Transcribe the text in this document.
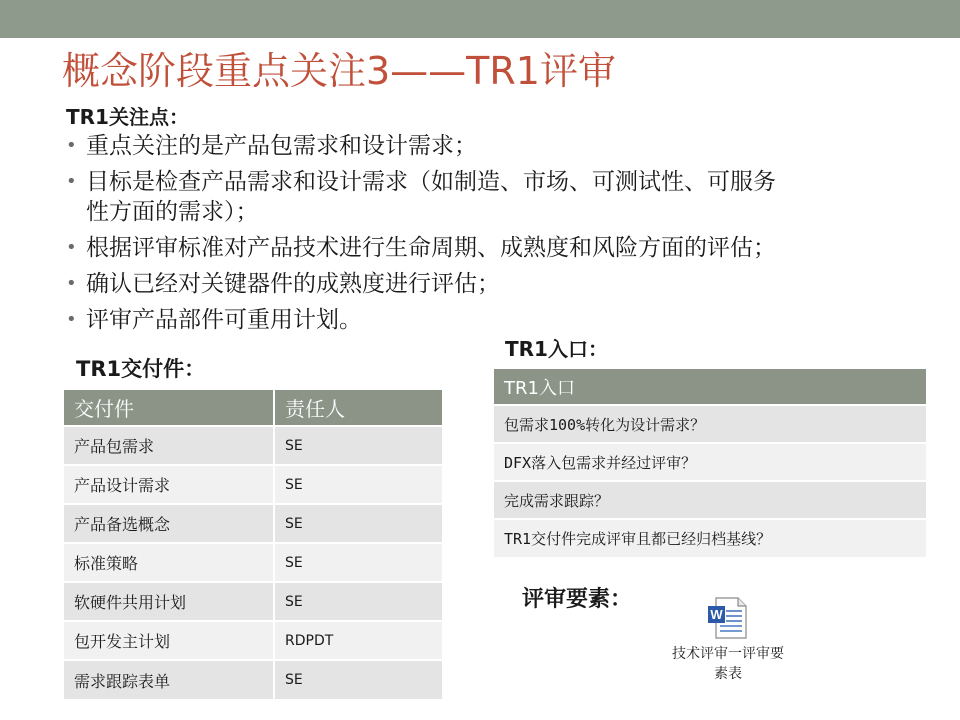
概念阶段重点关注3——TR1评审
TR1关注点：
• 重点关注的是产品包需求和设计需求；
• 目标是检查产品需求和设计需求（如制造、市场、可测试性、可服务
性方面的需求）；
• 根据评审标准对产品技术进行生命周期、成熟度和风险方面的评估；
• 确认已经对关键器件的成熟度进行评估；
• 评审产品部件可重用计划。
TR1交付件：
交付件	责任人
产品包需求	SE
产品设计需求	SE
产品备选概念	SE
标准策略	SE
软硬件共用计划	SE
包开发主计划	RDPDT
需求跟踪表单	SE
TR1入口：
TR1入口
包需求100%转化为设计需求？
DFX落入包需求并经过评审？
完成需求跟踪？
TR1交付件完成评审且都已经归档基线？
评审要素：
W
技术评审一评审要
素表
